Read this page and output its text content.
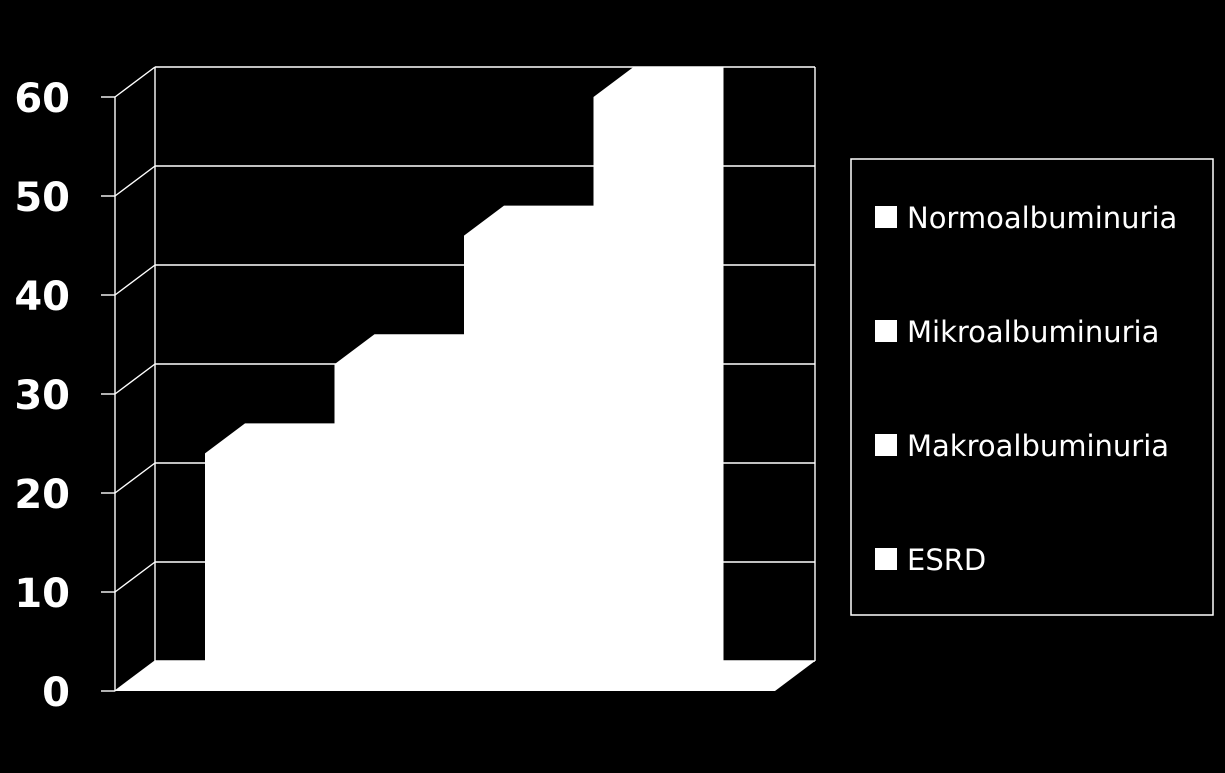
0
10
20
30
40
50
60
Normoalbuminuria
Mikroalbuminuria
Makroalbuminuria
ESRD
